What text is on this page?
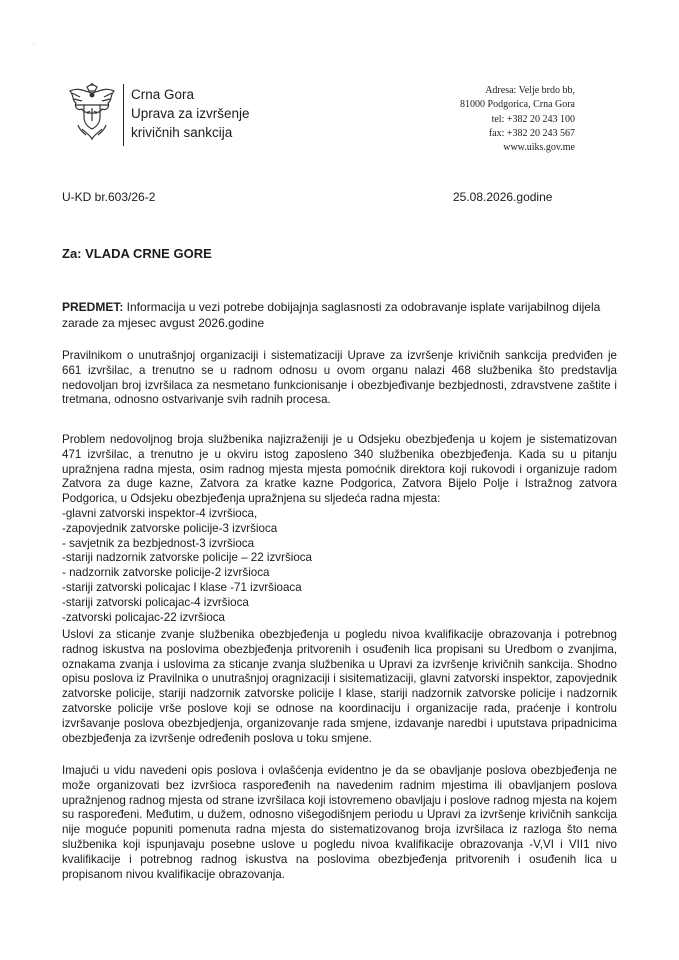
⁘ ·
Crna Gora
Uprava za izvršenje
krivičnih sankcija
Adresa: Velje brdo bb,
81000 Podgorica, Crna Gora
tel: +382 20 243 100
fax: +382 20 243 567
www.uiks.gov.me
U-KD br.603/26-2	25.08.2026.godine
Za: VLADA CRNE GORE
PREDMET: Informacija u vezi potrebe dobijajnja saglasnosti za odobravanje isplate varijabilnog dijela zarade za mjesec avgust 2026.godine
Pravilnikom o unutrašnjoj organizaciji i sistematizaciji Uprave za izvršenje krivičnih sankcija predviđen je 661 izvršilac, a trenutno se u radnom odnosu u ovom organu nalazi 468 službenika što predstavlja nedovoljan broj izvršilaca za nesmetano funkcionisanje i obezbjeđivanje bezbjednosti, zdravstvene zaštite i tretmana, odnosno ostvarivanje svih radnih procesa.
Problem nedovoljnog broja službenika najizraženiji je u Odsjeku obezbjeđenja u kojem je sistematizovan 471 izvršilac, a trenutno je u okviru istog zaposleno 340 službenika obezbjeđenja. Kada su u pitanju upražnjena radna mjesta, osim radnog mjesta mjesta pomoćnik direktora koji rukovodi i organizuje radom Zatvora za duge kazne, Zatvora za kratke kazne Podgorica, Zatvora Bijelo Polje i Istražnog zatvora Podgorica, u Odsjeku obezbjeđenja upražnjena su sljedeća radna mjesta:
-glavni zatvorski inspektor-4 izvršioca,
-zapovjednik zatvorske policije-3 izvršioca
- savjetnik za bezbjednost-3 izvršioca
-stariji nadzornik zatvorske policije – 22 izvršioca
- nadzornik zatvorske policije-2 izvršioca
-stariji zatvorski policajac I klase -71 izvršioaca
-stariji zatvorski policajac-4 izvršioca
-zatvorski policajac-22 izvršioca
Uslovi za sticanje zvanje službenika obezbjeđenja u pogledu nivoa kvalifikacije obrazovanja i potrebnog radnog iskustva na poslovima obezbjeđenja pritvorenih i osuđenih lica propisani su Uredbom o zvanjima, oznakama zvanja i uslovima za sticanje zvanja službenika u Upravi za izvršenje krivičnih sankcija. Shodno opisu poslova iz Pravilnika o unutrašnjoj oragnizaciji i sisitematizaciji, glavni zatvorski inspektor, zapovjednik zatvorske policije, stariji nadzornik zatvorske policije I klase, stariji nadzornik zatvorske policije i nadzornik zatvorske policije vrše poslove koji se odnose na koordinaciju i organizacije rada, praćenje i kontrolu izvršavanje poslova obezbjedjenja, organizovanje rada smjene, izdavanje naredbi i uputstava pripadnicima obezbjeđenja za izvršenje određenih poslova u toku smjene.
Imajući u vidu navedeni opis poslova i ovlašćenja evidentno je da se obavljanje poslova obezbjeđenja ne može organizovati bez izvršioca raspoređenih na navedenim radnim mjestima ili obavljanjem poslova upražnjenog radnog mjesta od strane izvršilaca koji istovremeno obavljaju i poslove radnog mjesta na kojem su raspoređeni. Međutim, u dužem, odnosno višegodišnjem periodu u Upravi za izvršenje krivičnih sankcija nije moguće popuniti pomenuta radna mjesta do sistematizovanog broja izvršilaca iz razloga što nema službenika koji ispunjavaju posebne uslove u pogledu nivoa kvalifikacije obrazovanja -V,VI i VII1 nivo kvalifikacije i potrebnog radnog iskustva na poslovima obezbjeđenja pritvorenih i osuđenih lica u propisanom nivou kvalifikacije obrazovanja.
